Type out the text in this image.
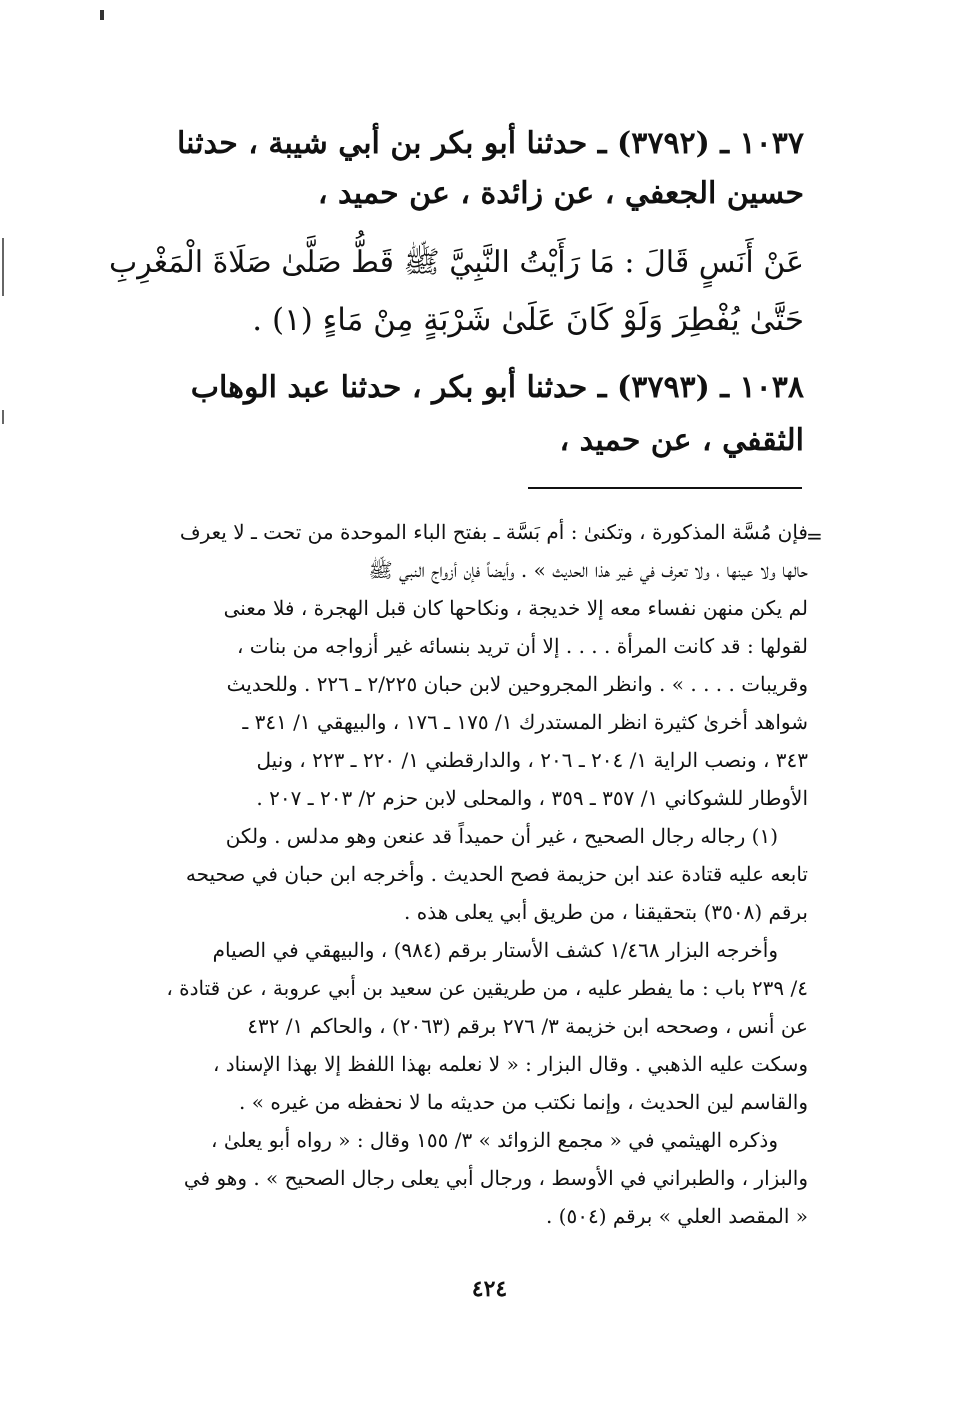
١٠٣٧ ـ (٣٧٩٢) ـ حدثنا أبو بكر بن أبي شيبة ، حدثنا
حسين الجعفي ، عن زائدة ، عن حميد ،
عَنْ أَنَسٍ قَالَ : مَا رَأَيْتُ النَّبِيَّ ﷺ قَطُّ صَلَّىٰ صَلَاةَ الْمَغْرِبِ
حَتَّىٰ يُفْطِرَ وَلَوْ كَانَ عَلَىٰ شَرْبَةٍ مِنْ مَاءٍ (١) .
١٠٣٨ ـ (٣٧٩٣) ـ حدثنا أبو بكر ، حدثنا عبد الوهاب
الثقفي ، عن حميد ،
=
فإن مُسَّة المذكورة ، وتكنىٰ : أم بَسَّة ـ بفتح الباء الموحدة من تحت ـ لا يعرف
حالها ولا عينها ، ولا تعرف في غير هذا الحديث » . وأيضاً فإن أزواج النبي ﷺ
لم يكن منهن نفساء معه إلا خديجة ، ونكاحها كان قبل الهجرة ، فلا معنى
لقولها : قد كانت المرأة . . . . إلا أن تريد بنسائه غير أزواجه من بنات ،
وقريبات . . . . » . وانظر المجروحين لابن حبان ٢/٢٢٥ ـ ٢٢٦ . وللحديث
شواهد أخرىٰ كثيرة انظر المستدرك ١/ ١٧٥ ـ ١٧٦ ، والبيهقي ١/ ٣٤١ ـ
٣٤٣ ، ونصب الراية ١/ ٢٠٤ ـ ٢٠٦ ، والدارقطني ١/ ٢٢٠ ـ ٢٢٣ ، ونيل
الأوطار للشوكاني ١/ ٣٥٧ ـ ٣٥٩ ، والمحلى لابن حزم ٢/ ٢٠٣ ـ ٢٠٧ .
(١) رجاله رجال الصحيح ، غير أن حميداً قد عنعن وهو مدلس . ولكن
تابعه عليه قتادة عند ابن حزيمة فصح الحديث . وأخرجه ابن حبان في صحيحه
برقم (٣٥٠٨) بتحقيقنا ، من طريق أبي يعلى هذه .
وأخرجه البزار ١/٤٦٨ كشف الأستار برقم (٩٨٤) ، والبيهقي في الصيام
٤/ ٢٣٩ باب : ما يفطر عليه ، من طريقين عن سعيد بن أبي عروبة ، عن قتادة ،
عن أنس ، وصححه ابن خزيمة ٣/ ٢٧٦ برقم (٢٠٦٣) ، والحاكم ١/ ٤٣٢
وسكت عليه الذهبي . وقال البزار : « لا نعلمه بهذا اللفظ إلا بهذا الإسناد ،
والقاسم لين الحديث ، وإنما نكتب من حديثه ما لا نحفظه من غيره » .
وذكره الهيثمي في « مجمع الزوائد » ٣/ ١٥٥ وقال : « رواه أبو يعلىٰ ،
والبزار ، والطبراني في الأوسط ، ورجال أبي يعلى رجال الصحيح » . وهو في
« المقصد العلي » برقم (٥٠٤) .
٤٢٤
